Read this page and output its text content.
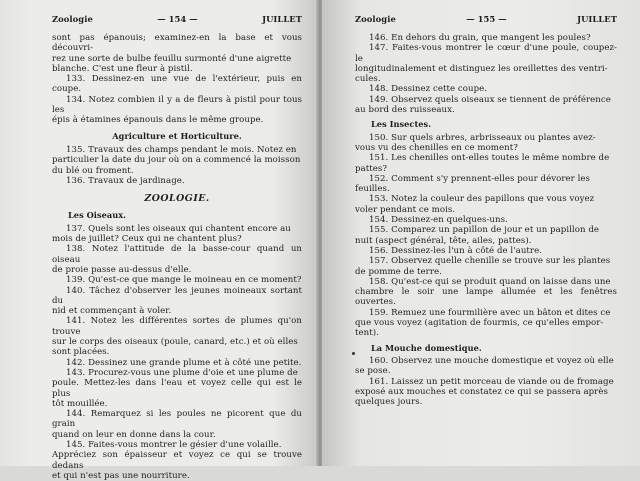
Zoologie	— 154 —	JUILLET

sont pas épanouis; examinez-en la base et vous découvri-

rez une sorte de bulbe feuillu surmonté d'une aigrette

blanche. C'est une fleur à pistil.

133. Dessinez-en une vue de l'extérieur, puis en coupe.

134. Notez combien il y a de fleurs à pistil pour tous les

épis à étamines épanouis dans le même groupe.

Agriculture et Horticulture.

135. Travaux des champs pendant le mois. Notez en

particulier la date du jour où on a commencé la moisson

du blé ou froment.

136. Travaux de jardinage.

ZOOLOGIE.
Les Oiseaux.

137. Quels sont les oiseaux qui chantent encore au

mois de juillet? Ceux qui ne chantent plus?

138. Notez l'attitude de la basse-cour quand un oiseau

de proie passe au-dessus d'elle.

139. Qu'est-ce que mange le moineau en ce moment?

140. Tâchez d'observer les jeunes moineaux sortant du

nid et commençant à voler.

141. Notez les différentes sortes de plumes qu'on trouve

sur le corps des oiseaux (poule, canard, etc.) et où elles

sont placées.

142. Dessinez une grande plume et à côté une petite.

143. Procurez-vous une plume d'oie et une plume de

poule. Mettez-les dans l'eau et voyez celle qui est le plus

tôt mouillée.

144. Remarquez si les poules ne picorent que du grain

quand on leur en donne dans la cour.

145. Faites-vous montrer le gésier d'une volaille.

Appréciez son épaisseur et voyez ce qui se trouve dedans

et qui n'est pas une nourriture.

Zoologie	— 155 —	JUILLET

146. En dehors du grain, que mangent les poules?

147. Faites-vous montrer le cœur d'une poule, coupez-le

longitudinalement et distinguez les oreillettes des ventri-

cules.

148. Dessinez cette coupe.

149. Observez quels oiseaux se tiennent de préférence

au bord des ruisseaux.

Les Insectes.

150. Sur quels arbres, arbrisseaux ou plantes avez-

vous vu des chenilles en ce moment?

151. Les chenilles ont-elles toutes le même nombre de

pattes?

152. Comment s'y prennent-elles pour dévorer les

feuilles.

153. Notez la couleur des papillons que vous voyez

voler pendant ce mois.

154. Dessinez-en quelques-uns.

155. Comparez un papillon de jour et un papillon de

nuit (aspect général, tête, ailes, pattes).

156. Dessinez-les l'un à côté de l'autre.

157. Observez quelle chenille se trouve sur les plantes

de pomme de terre.

158. Qu'est-ce qui se produit quand on laisse dans une

chambre le soir une lampe allumée et les fenêtres ouvertes.

159. Remuez une fourmilière avec un bâton et dites ce

que vous voyez (agitation de fourmis, ce qu'elles empor-

tent).

La Mouche domestique.

160. Observez une mouche domestique et voyez où elle

se pose.

161. Laissez un petit morceau de viande ou de fromage

exposé aux mouches et constatez ce qui se passera après

quelques jours.
